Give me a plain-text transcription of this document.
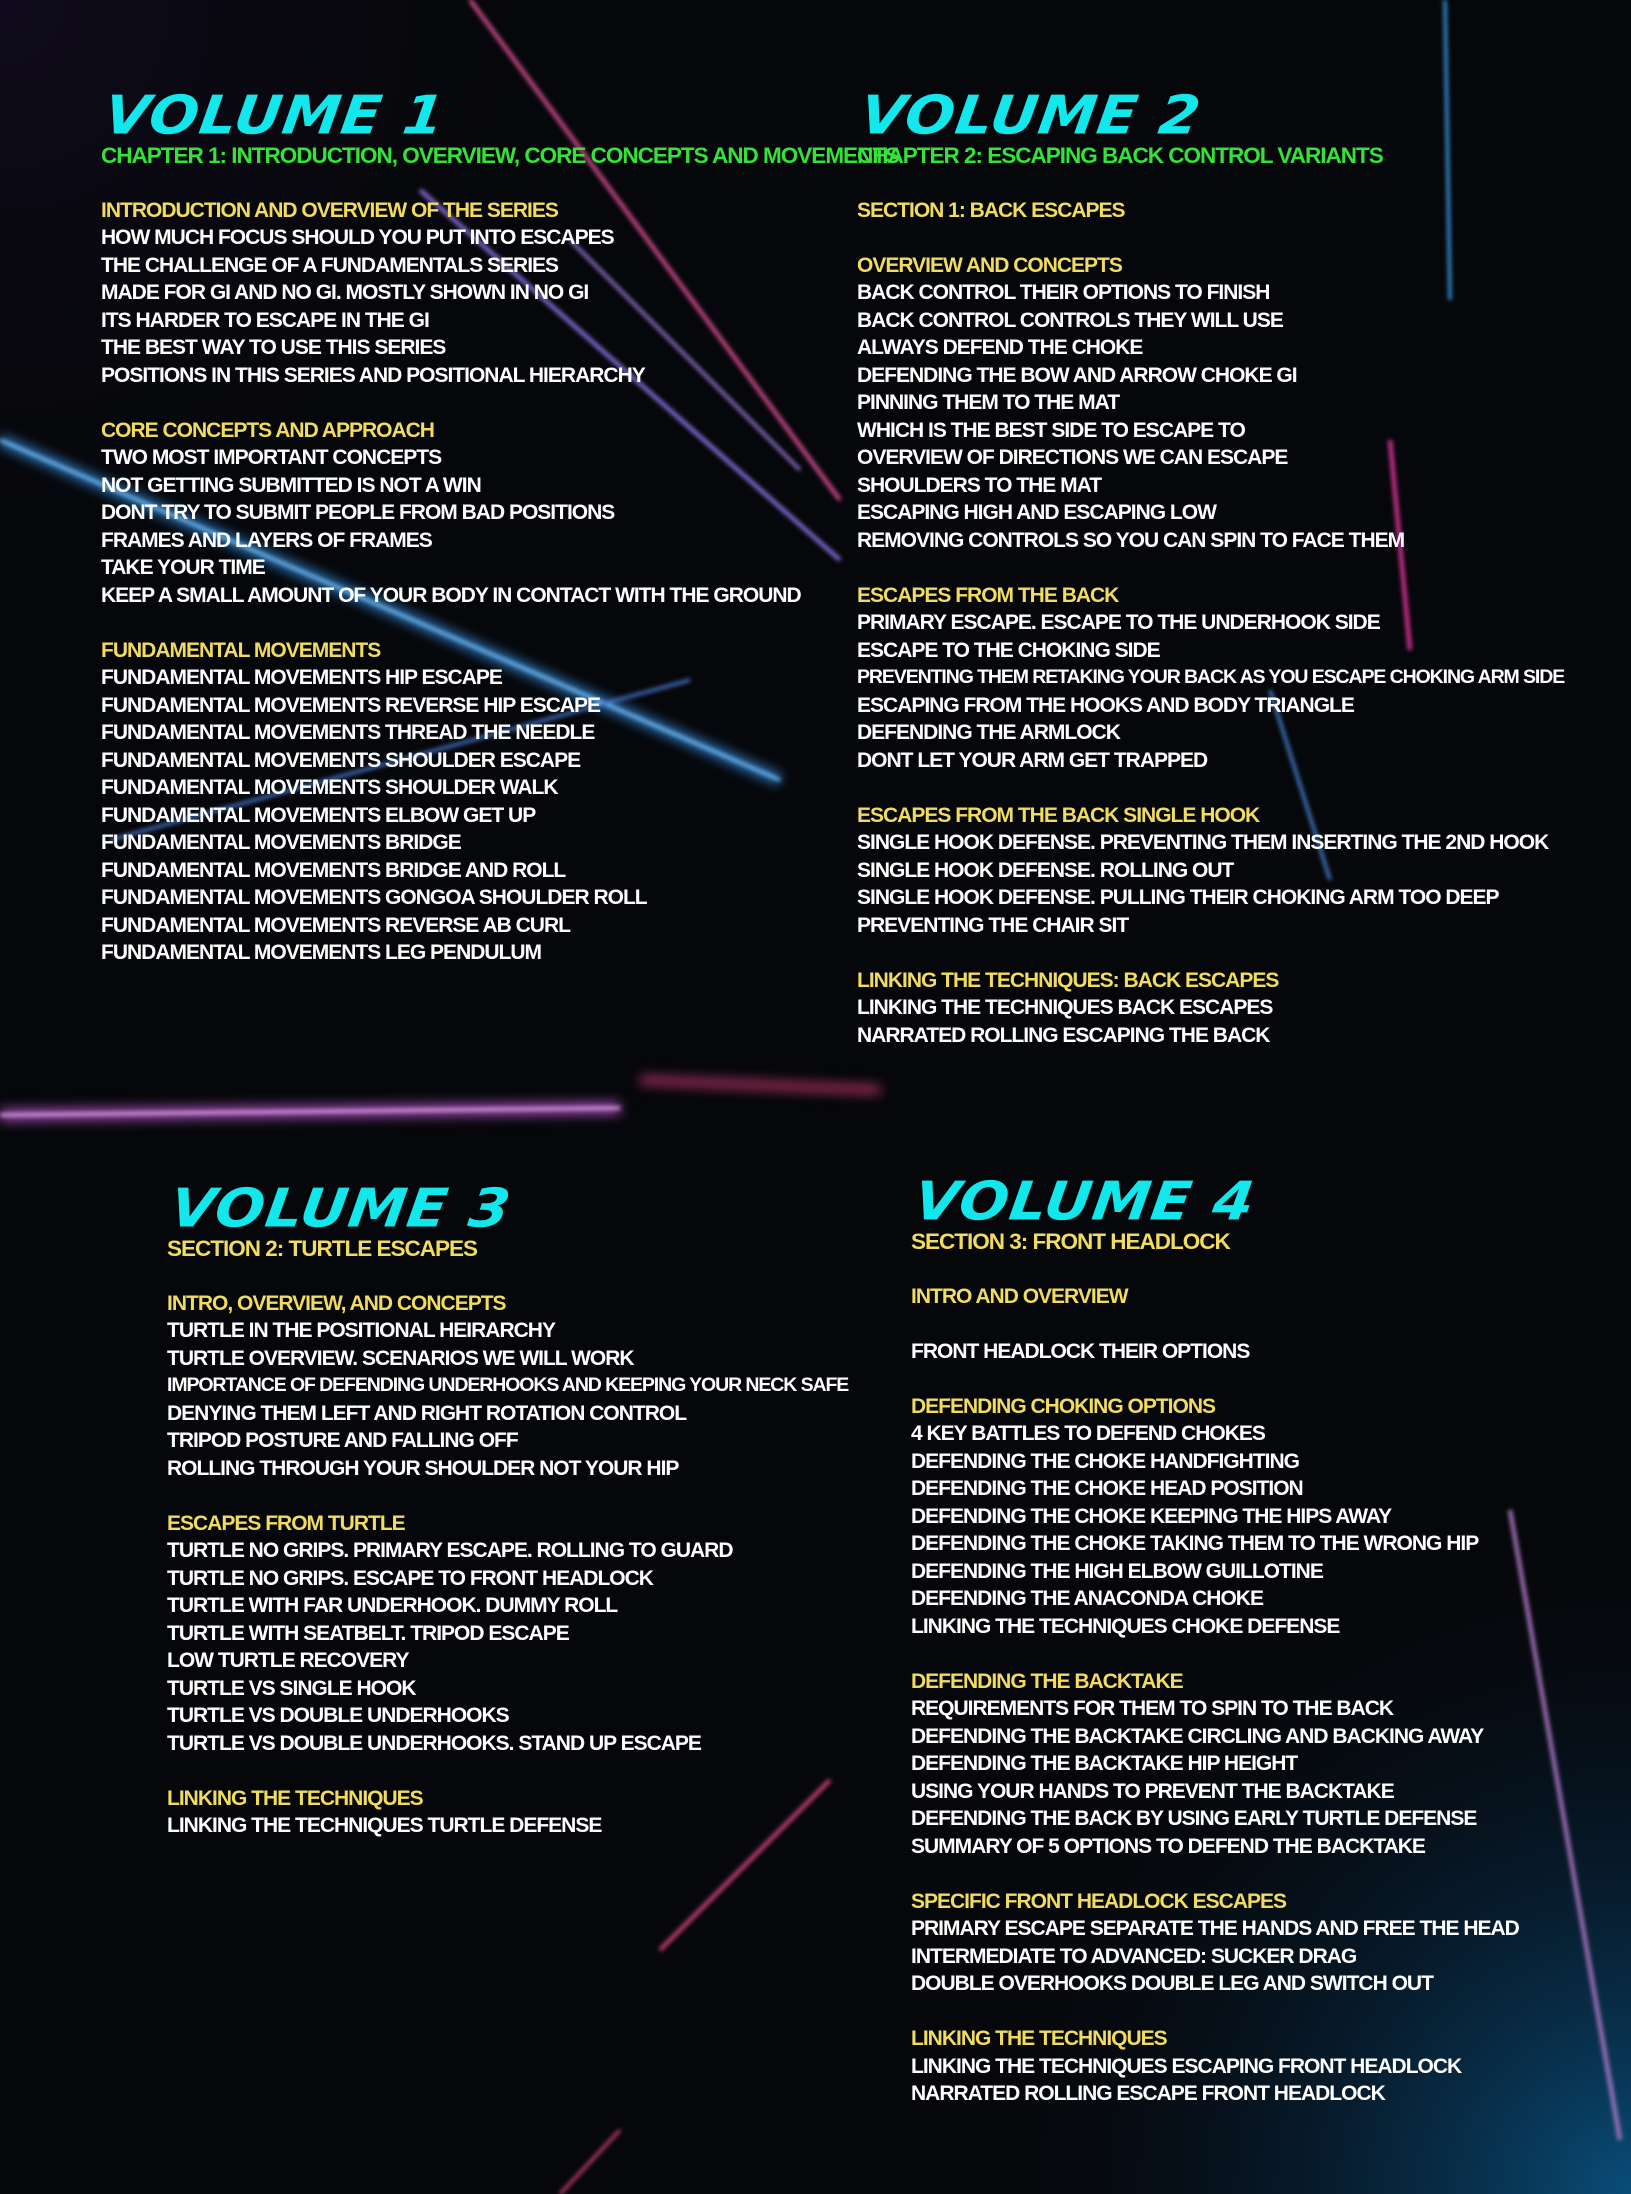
VOLUME 1
CHAPTER 1: INTRODUCTION, OVERVIEW, CORE CONCEPTS AND MOVEMENTS

INTRODUCTION AND OVERVIEW OF THE SERIES

HOW MUCH FOCUS SHOULD YOU PUT INTO ESCAPES

THE CHALLENGE OF A FUNDAMENTALS SERIES

MADE FOR GI AND NO GI. MOSTLY SHOWN IN NO GI

ITS HARDER TO ESCAPE IN THE GI

THE BEST WAY TO USE THIS SERIES

POSITIONS IN THIS SERIES AND POSITIONAL HIERARCHY

CORE CONCEPTS AND APPROACH

TWO MOST IMPORTANT CONCEPTS

NOT GETTING SUBMITTED IS NOT A WIN

DONT TRY TO SUBMIT PEOPLE FROM BAD POSITIONS

FRAMES AND LAYERS OF FRAMES

TAKE YOUR TIME

KEEP A SMALL AMOUNT OF YOUR BODY IN CONTACT WITH THE GROUND

FUNDAMENTAL MOVEMENTS

FUNDAMENTAL MOVEMENTS HIP ESCAPE

FUNDAMENTAL MOVEMENTS REVERSE HIP ESCAPE

FUNDAMENTAL MOVEMENTS THREAD THE NEEDLE

FUNDAMENTAL MOVEMENTS SHOULDER ESCAPE

FUNDAMENTAL MOVEMENTS SHOULDER WALK

FUNDAMENTAL MOVEMENTS ELBOW GET UP

FUNDAMENTAL MOVEMENTS BRIDGE

FUNDAMENTAL MOVEMENTS BRIDGE AND ROLL

FUNDAMENTAL MOVEMENTS GONGOA SHOULDER ROLL

FUNDAMENTAL MOVEMENTS REVERSE AB CURL

FUNDAMENTAL MOVEMENTS LEG PENDULUM

VOLUME 2
CHAPTER 2: ESCAPING BACK CONTROL VARIANTS

SECTION 1: BACK ESCAPES

OVERVIEW AND CONCEPTS

BACK CONTROL THEIR OPTIONS TO FINISH

BACK CONTROL CONTROLS THEY WILL USE

ALWAYS DEFEND THE CHOKE

DEFENDING THE BOW AND ARROW CHOKE GI

PINNING THEM TO THE MAT

WHICH IS THE BEST SIDE TO ESCAPE TO

OVERVIEW OF DIRECTIONS WE CAN ESCAPE

SHOULDERS TO THE MAT

ESCAPING HIGH AND ESCAPING LOW

REMOVING CONTROLS SO YOU CAN SPIN TO FACE THEM

ESCAPES FROM THE BACK

PRIMARY ESCAPE. ESCAPE TO THE UNDERHOOK SIDE

ESCAPE TO THE CHOKING SIDE

PREVENTING THEM RETAKING YOUR BACK AS YOU ESCAPE CHOKING ARM SIDE

ESCAPING FROM THE HOOKS AND BODY TRIANGLE

DEFENDING THE ARMLOCK

DONT LET YOUR ARM GET TRAPPED

ESCAPES FROM THE BACK SINGLE HOOK

SINGLE HOOK DEFENSE. PREVENTING THEM INSERTING THE 2ND HOOK

SINGLE HOOK DEFENSE. ROLLING OUT

SINGLE HOOK DEFENSE. PULLING THEIR CHOKING ARM TOO DEEP

PREVENTING THE CHAIR SIT

LINKING THE TECHNIQUES: BACK ESCAPES

LINKING THE TECHNIQUES BACK ESCAPES

NARRATED ROLLING ESCAPING THE BACK

VOLUME 3
SECTION 2: TURTLE ESCAPES

INTRO, OVERVIEW, AND CONCEPTS

TURTLE IN THE POSITIONAL HEIRARCHY

TURTLE OVERVIEW. SCENARIOS WE WILL WORK

IMPORTANCE OF DEFENDING UNDERHOOKS AND KEEPING YOUR NECK SAFE

DENYING THEM LEFT AND RIGHT ROTATION CONTROL

TRIPOD POSTURE AND FALLING OFF

ROLLING THROUGH YOUR SHOULDER NOT YOUR HIP

ESCAPES FROM TURTLE

TURTLE NO GRIPS. PRIMARY ESCAPE. ROLLING TO GUARD

TURTLE NO GRIPS. ESCAPE TO FRONT HEADLOCK

TURTLE WITH FAR UNDERHOOK. DUMMY ROLL

TURTLE WITH SEATBELT. TRIPOD ESCAPE

LOW TURTLE RECOVERY

TURTLE VS SINGLE HOOK

TURTLE VS DOUBLE UNDERHOOKS

TURTLE VS DOUBLE UNDERHOOKS. STAND UP ESCAPE

LINKING THE TECHNIQUES

LINKING THE TECHNIQUES TURTLE DEFENSE

VOLUME 4
SECTION 3: FRONT HEADLOCK

INTRO AND OVERVIEW

FRONT HEADLOCK THEIR OPTIONS

DEFENDING CHOKING OPTIONS

4 KEY BATTLES TO DEFEND CHOKES

DEFENDING THE CHOKE HANDFIGHTING

DEFENDING THE CHOKE HEAD POSITION

DEFENDING THE CHOKE KEEPING THE HIPS AWAY

DEFENDING THE CHOKE TAKING THEM TO THE WRONG HIP

DEFENDING THE HIGH ELBOW GUILLOTINE

DEFENDING THE ANACONDA CHOKE

LINKING THE TECHNIQUES CHOKE DEFENSE

DEFENDING THE BACKTAKE

REQUIREMENTS FOR THEM TO SPIN TO THE BACK

DEFENDING THE BACKTAKE CIRCLING AND BACKING AWAY

DEFENDING THE BACKTAKE HIP HEIGHT

USING YOUR HANDS TO PREVENT THE BACKTAKE

DEFENDING THE BACK BY USING EARLY TURTLE DEFENSE

SUMMARY OF 5 OPTIONS TO DEFEND THE BACKTAKE

SPECIFIC FRONT HEADLOCK ESCAPES

PRIMARY ESCAPE SEPARATE THE HANDS AND FREE THE HEAD

INTERMEDIATE TO ADVANCED: SUCKER DRAG

DOUBLE OVERHOOKS DOUBLE LEG AND SWITCH OUT

LINKING THE TECHNIQUES

LINKING THE TECHNIQUES ESCAPING FRONT HEADLOCK

NARRATED ROLLING ESCAPE FRONT HEADLOCK
